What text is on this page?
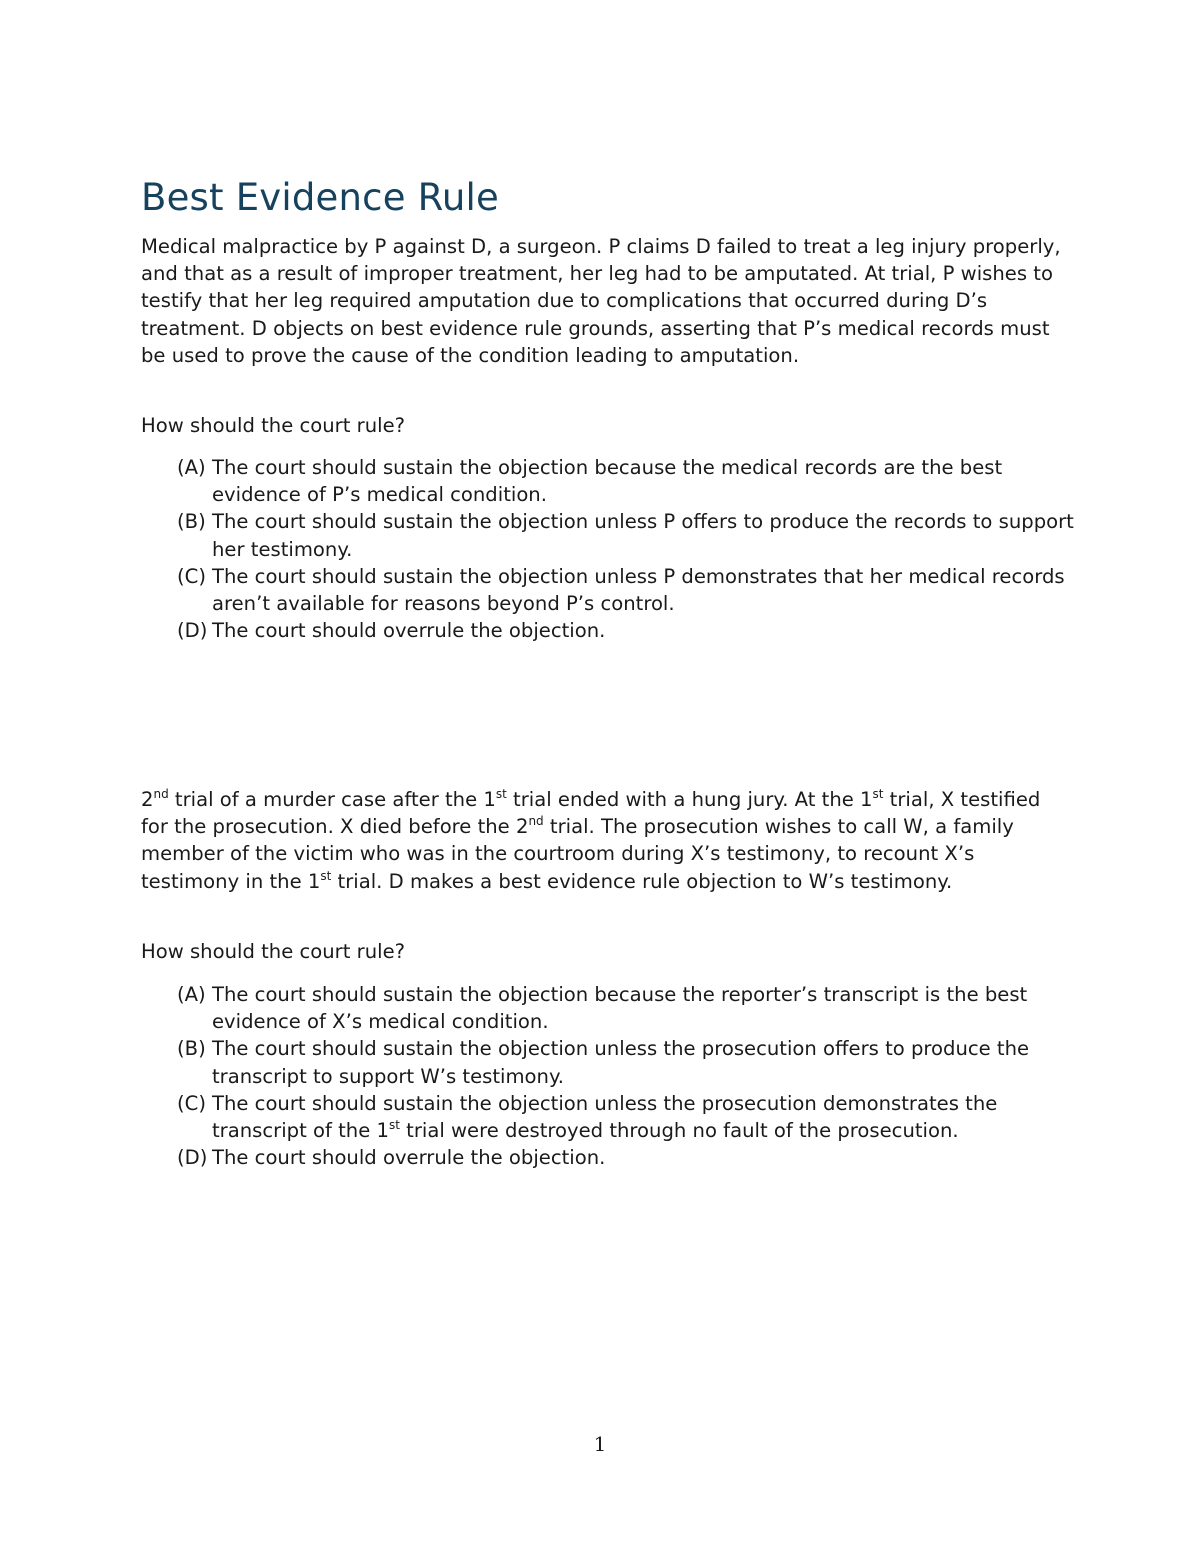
Best Evidence Rule

Medical malpractice by P against D, a surgeon. P claims D failed to treat a leg injury properly, and that as a result of improper treatment, her leg had to be amputated. At trial, P wishes to testify that her leg required amputation due to complications that occurred during D’s treatment. D objects on best evidence rule grounds, asserting that P’s medical records must be used to prove the cause of the condition leading to amputation.

How should the court rule?

(A) The court should sustain the objection because the medical records are the best evidence of P’s medical condition.
(B) The court should sustain the objection unless P offers to produce the records to support her testimony.
(C) The court should sustain the objection unless P demonstrates that her medical records aren’t available for reasons beyond P’s control.
(D) The court should overrule the objection.

2nd trial of a murder case after the 1st trial ended with a hung jury. At the 1st trial, X testified for the prosecution. X died before the 2nd trial. The prosecution wishes to call W, a family member of the victim who was in the courtroom during X’s testimony, to recount X’s testimony in the 1st trial. D makes a best evidence rule objection to W’s testimony.

How should the court rule?

(A) The court should sustain the objection because the reporter’s transcript is the best evidence of X’s medical condition.
(B) The court should sustain the objection unless the prosecution offers to produce the transcript to support W’s testimony.
(C) The court should sustain the objection unless the prosecution demonstrates the transcript of the 1st trial were destroyed through no fault of the prosecution.
(D) The court should overrule the objection.
1
